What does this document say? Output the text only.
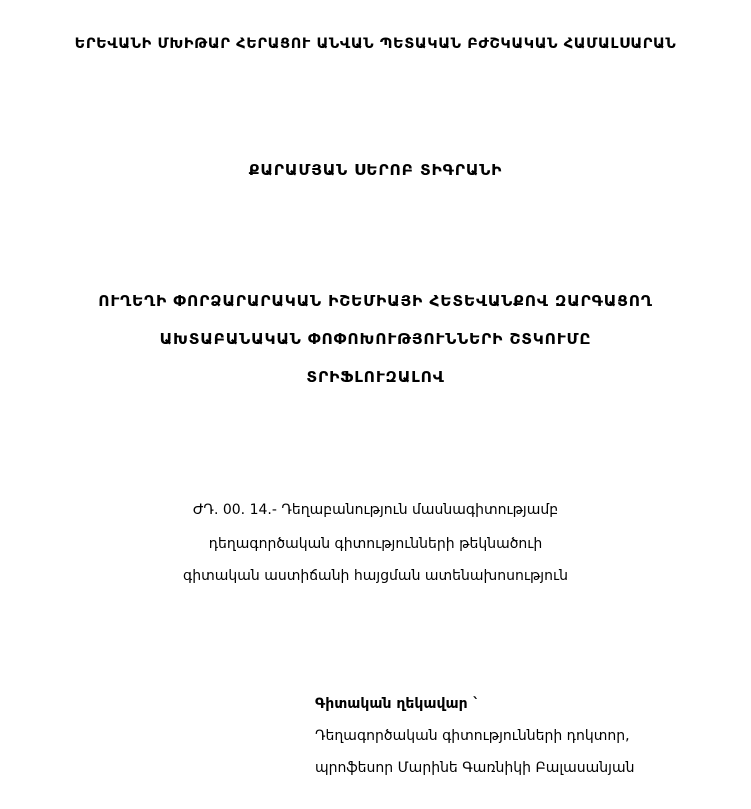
ԵՐԵՎԱՆԻ ՄԽԻԹԱՐ ՀԵՐԱՑՈՒ ԱՆՎԱՆ ՊԵՏԱԿԱՆ ԲԺՇԿԱԿԱՆ ՀԱՄԱԼՍԱՐԱՆ
ՔԱՐԱՄՅԱՆ ՍԵՐՈԲ ՏԻԳՐԱՆԻ
ՈՒՂԵՂԻ ՓՈՐՁԱՐԱՐԱԿԱՆ ԻՇԵՄԻԱՅԻ ՀԵՏԵՎԱՆՔՈՎ ԶԱՐԳԱՑՈՂ
ԱԽՏԱԲԱՆԱԿԱՆ ՓՈՓՈԽՈՒԹՅՈՒՆՆԵՐԻ ՇՏԿՈՒՄԸ
ՏՐԻՖԼՈՒԶԱԼՈՎ
ԺԴ. 00. 14.- Դեղաբանություն մասնագիտությամբ
դեղագործական գիտությունների թեկնածուի
գիտական աստիճանի հայցման ատենախոսություն
Գիտական ղեկավար `
Դեղագործական գիտությունների դոկտոր,
պրոֆեսոր Մարինե Գառնիկի Բալասանյան
